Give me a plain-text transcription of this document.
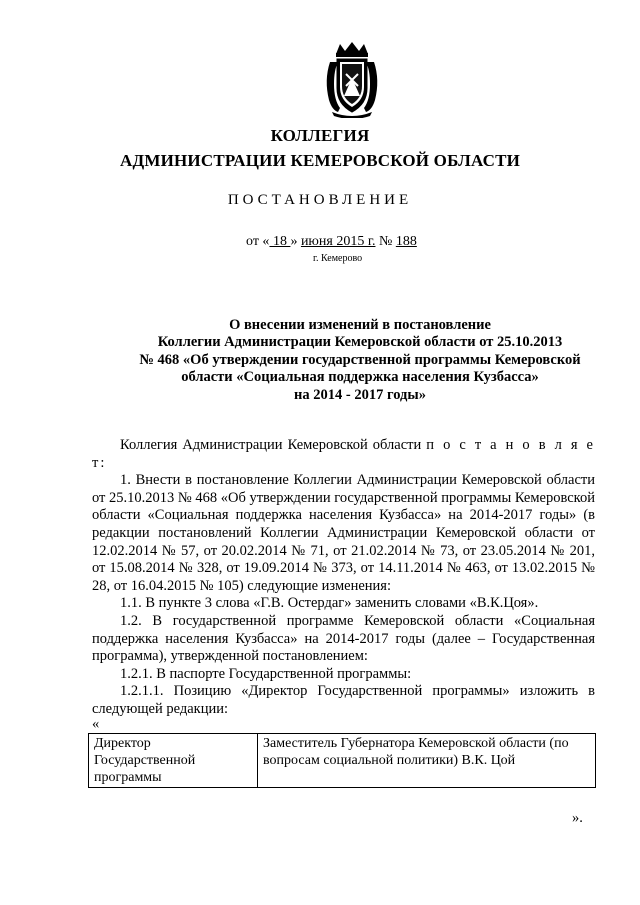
КОЛЛЕГИЯ
АДМИНИСТРАЦИИ КЕМЕРОВСКОЙ ОБЛАСТИ
ПОСТАНОВЛЕНИЕ
от « 18 » июня 2015 г. № 188
г. Кемерово
О внесении изменений в постановление
Коллегии Администрации Кемеровской области от 25.10.2013
№ 468 «Об утверждении государственной программы Кемеровской
области «Социальная поддержка населения Кузбасса»
на 2014 - 2017 годы»

Коллегия Администрации Кемеровской области п о с т а н о в л я е т:

1. Внести в постановление Коллегии Администрации Кемеровской области от 25.10.2013 № 468 «Об утверждении государственной программы Кемеровской области «Социальная поддержка населения Кузбасса» на 2014-2017 годы» (в редакции постановлений Коллегии Администрации Кемеровской области от 12.02.2014 № 57, от 20.02.2014 № 71, от 21.02.2014 № 73, от 23.05.2014 № 201, от 15.08.2014 № 328, от 19.09.2014 № 373, от 14.11.2014 № 463, от 13.02.2015 № 28, от 16.04.2015 № 105) следующие изменения:

1.1. В пункте 3 слова «Г.В. Остердаг» заменить словами «В.К.Цоя».

1.2. В государственной программе Кемеровской области «Социальная поддержка населения Кузбасса» на 2014-2017 годы (далее – Государственная программа), утвержденной постановлением:

1.2.1. В паспорте Государственной программы:

1.2.1.1. Позицию «Директор Государственной программы» изложить в следующей редакции:

«
Директор Государственной программы	Заместитель Губернатора Кемеровской области (по вопросам социальной политики) В.К. Цой
».
